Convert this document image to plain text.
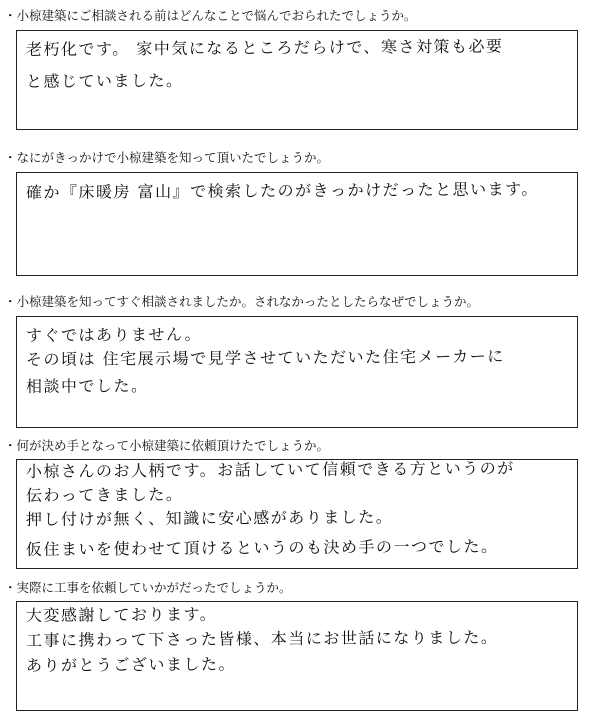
・小椋建築にご相談される前はどんなことで悩んでおられたでしょうか。
老朽化です。 家中気になるところだらけで、寒さ対策も必要
と感じていました。
・なにがきっかけで小椋建築を知って頂いたでしょうか。
確か『床暖房 富山』で検索したのがきっかけだったと思います。
・小椋建築を知ってすぐ相談されましたか。されなかったとしたらなぜでしょうか。
すぐではありません。
その頃は 住宅展示場で見学させていただいた住宅メーカーに
相談中でした。
・何が決め手となって小椋建築に依頼頂けたでしょうか。
小椋さんのお人柄です。お話していて信頼できる方というのが
伝わってきました。
押し付けが無く、知識に安心感がありました。
仮住まいを使わせて頂けるというのも決め手の一つでした。
・実際に工事を依頼していかがだったでしょうか。
大変感謝しております。
工事に携わって下さった皆様、本当にお世話になりました。
ありがとうございました。
